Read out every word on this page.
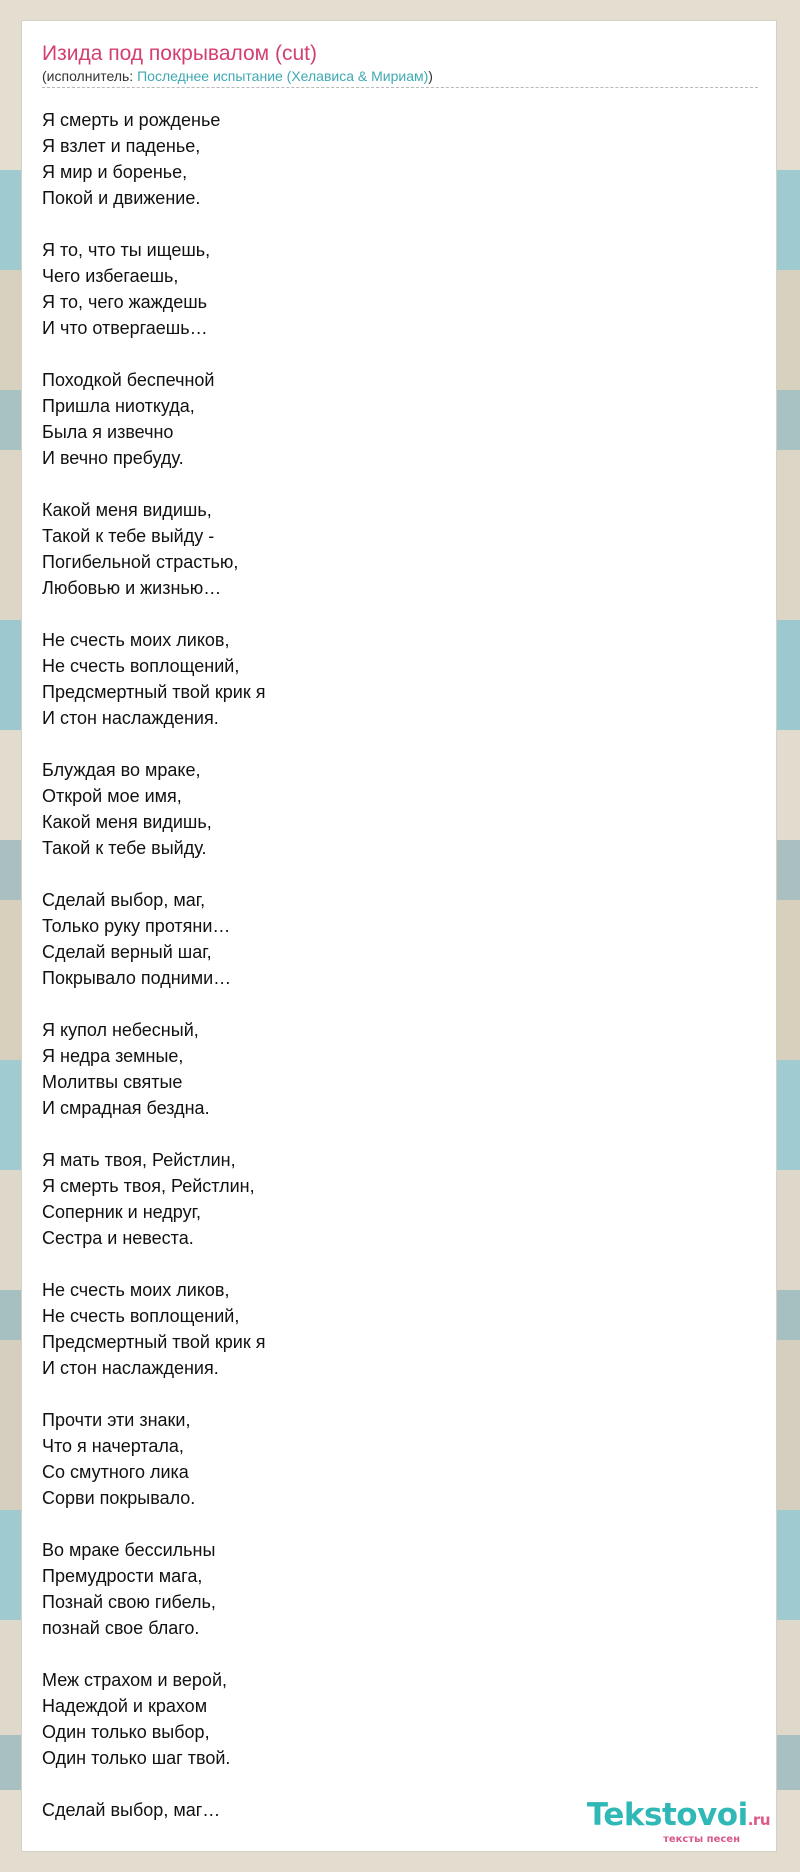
Изида под покрывалом (cut)
(исполнитель: Последнее испытание (Хелависа & Мириам))
Я смерть и рожденье
Я взлет и паденье,
Я мир и боренье,
Покой и движение.
Я то, что ты ищешь,
Чего избегаешь,
Я то, чего жаждешь
И что отвергаешь…
Походкой беспечной
Пришла ниоткуда,
Была я извечно
И вечно пребуду.
Какой меня видишь,
Такой к тебе выйду -
Погибельной страстью,
Любовью и жизнью…
Не счесть моих ликов,
Не счесть воплощений,
Предсмертный твой крик я
И стон наслаждения.
Блуждая во мраке,
Открой мое имя,
Какой меня видишь,
Такой к тебе выйду.
Сделай выбор, маг,
Только руку протяни…
Сделай верный шаг,
Покрывало подними…
Я купол небесный,
Я недра земные,
Молитвы святые
И смрадная бездна.
Я мать твоя, Рейстлин,
Я смерть твоя, Рейстлин,
Соперник и недруг,
Сестра и невеста.
Не счесть моих ликов,
Не счесть воплощений,
Предсмертный твой крик я
И стон наслаждения.
Прочти эти знаки,
Что я начертала,
Со смутного лика
Сорви покрывало.
Во мраке бессильны
Премудрости мага,
Познай свою гибель,
познай свое благо.
Меж страхом и верой,
Надеждой и крахом
Один только выбор,
Один только шаг твой.
Сделай выбор, маг…	Tekstovoi.ru
тексты песен
